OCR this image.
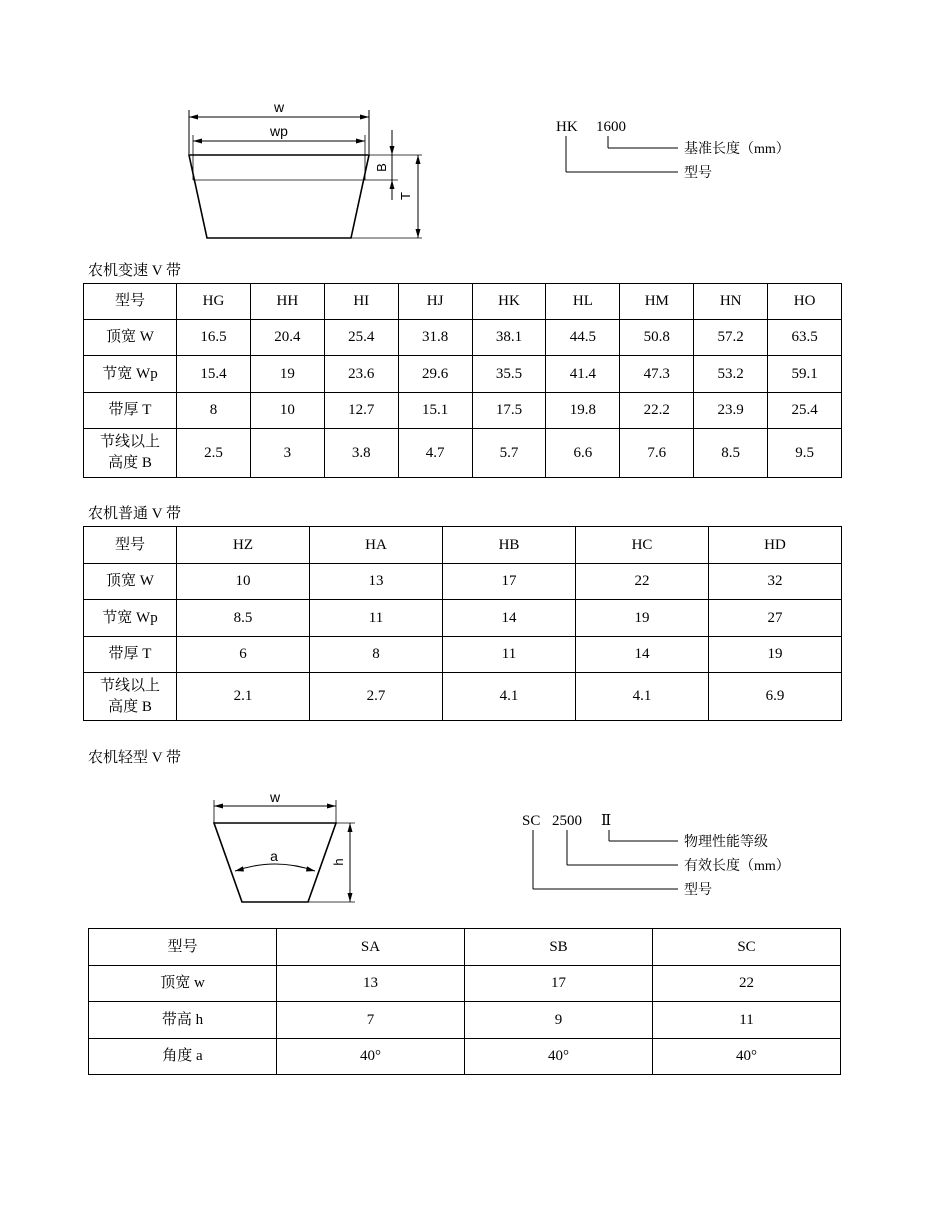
w
wp
B
T
HK 1600
基准长度（mm）
型号
农机变速 V 带
型号	HG	HH	HI	HJ	HK	HL	HM	HN	HO
顶宽 W	16.5	20.4	25.4	31.8	38.1	44.5	50.8	57.2	63.5
节宽 Wp	15.4	19	23.6	29.6	35.5	41.4	47.3	53.2	59.1
带厚 T	8	10	12.7	15.1	17.5	19.8	22.2	23.9	25.4
节线以上
高度 B	2.5	3	3.8	4.7	5.7	6.6	7.6	8.5	9.5
农机普通 V 带
型号	HZ	HA	HB	HC	HD
顶宽 W	10	13	17	22	32
节宽 Wp	8.5	11	14	19	27
带厚 T	6	8	11	14	19
节线以上
高度 B	2.1	2.7	4.1	4.1	6.9
农机轻型 V 带
w
a	h
SC 2500 Ⅱ
物理性能等级
有效长度（mm）
型号
型号	SA	SB	SC
顶宽 w	13	17	22
带高 h	7	9	11
角度 a	40°	40°	40°
